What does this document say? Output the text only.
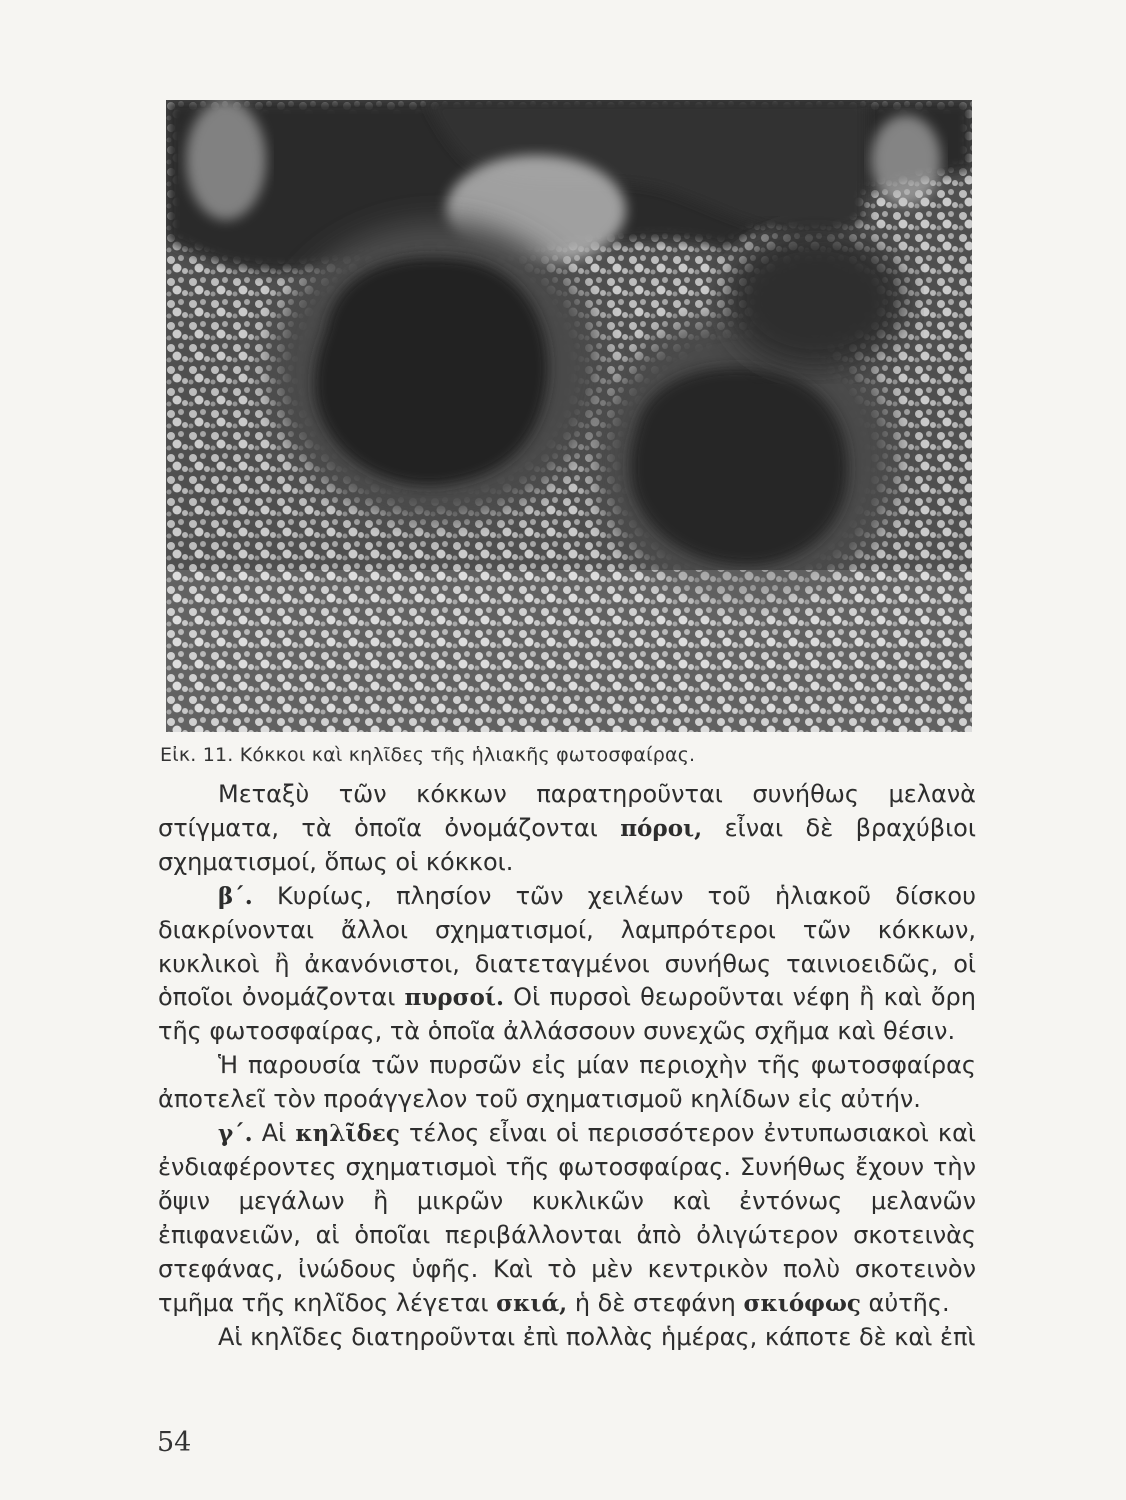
Εἰκ. 11. Κόκκοι καὶ κηλῖδες τῆς ἡλιακῆς φωτοσφαίρας.

Μεταξὺ τῶν κόκκων παρατηροῦνται συνήθως μελανὰ στίγματα, τὰ ὁποῖα ὀνομάζονται πόροι, εἶναι δὲ βραχύβιοι σχηματισμοί, ὅπως οἱ κόκκοι.

β΄. Κυρίως, πλησίον τῶν χειλέων τοῦ ἡλιακοῦ δίσκου διακρίνονται ἄλλοι σχηματισμοί, λαμπρότεροι τῶν κόκκων, κυκλικοὶ ἢ ἀκανόνιστοι, διατεταγμένοι συνήθως ταινιοειδῶς, οἱ ὁποῖοι ὀνομάζονται πυρσοί. Οἱ πυρσοὶ θεωροῦνται νέφη ἢ καὶ ὄρη τῆς φωτοσφαίρας, τὰ ὁποῖα ἀλλάσσουν συνεχῶς σχῆμα καὶ θέσιν.

Ἡ παρουσία τῶν πυρσῶν εἰς μίαν περιοχὴν τῆς φωτοσφαίρας ἀποτελεῖ τὸν προάγγελον τοῦ σχηματισμοῦ κηλίδων εἰς αὐτήν.

γ΄. Αἱ κηλῖδες τέλος εἶναι οἱ περισσότερον ἐντυπωσιακοὶ καὶ ἐνδιαφέροντες σχηματισμοὶ τῆς φωτοσφαίρας. Συνήθως ἔχουν τὴν ὄψιν μεγάλων ἢ μικρῶν κυκλικῶν καὶ ἐντόνως μελανῶν ἐπιφανειῶν, αἱ ὁποῖαι περιβάλλονται ἀπὸ ὀλιγώτερον σκοτεινὰς στεφάνας, ἰνώδους ὑφῆς. Καὶ τὸ μὲν κεντρικὸν πολὺ σκοτεινὸν τμῆμα τῆς κηλῖδος λέγεται σκιά, ἡ δὲ στεφάνη σκιόφως αὐτῆς.

Αἱ κηλῖδες διατηροῦνται ἐπὶ πολλὰς ἡμέρας, κάποτε δὲ καὶ ἐπὶ

54
